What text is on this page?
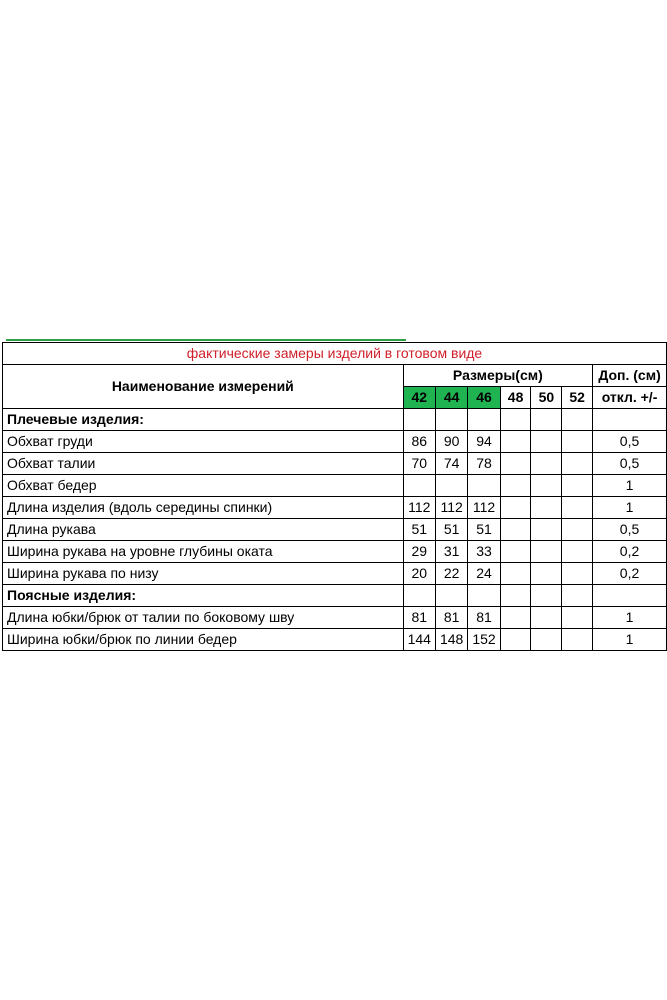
фактические замеры изделий в готовом виде							
Наименование измерений	Размеры(см)						Доп. (см)
	42	44	46	48	50	52	откл. +/-
Плечевые изделия:							
Обхват груди	86	90	94				0,5
Обхват талии	70	74	78				0,5
Обхват бедер							1
Длина изделия (вдоль середины спинки)	112	112	112				1
Длина рукава	51	51	51				0,5
Ширина рукава на уровне глубины оката	29	31	33				0,2
Ширина рукава по низу	20	22	24				0,2
Поясные изделия:							
Длина юбки/брюк от талии по боковому шву	81	81	81				1
Ширина юбки/брюк по линии бедер	144	148	152				1
